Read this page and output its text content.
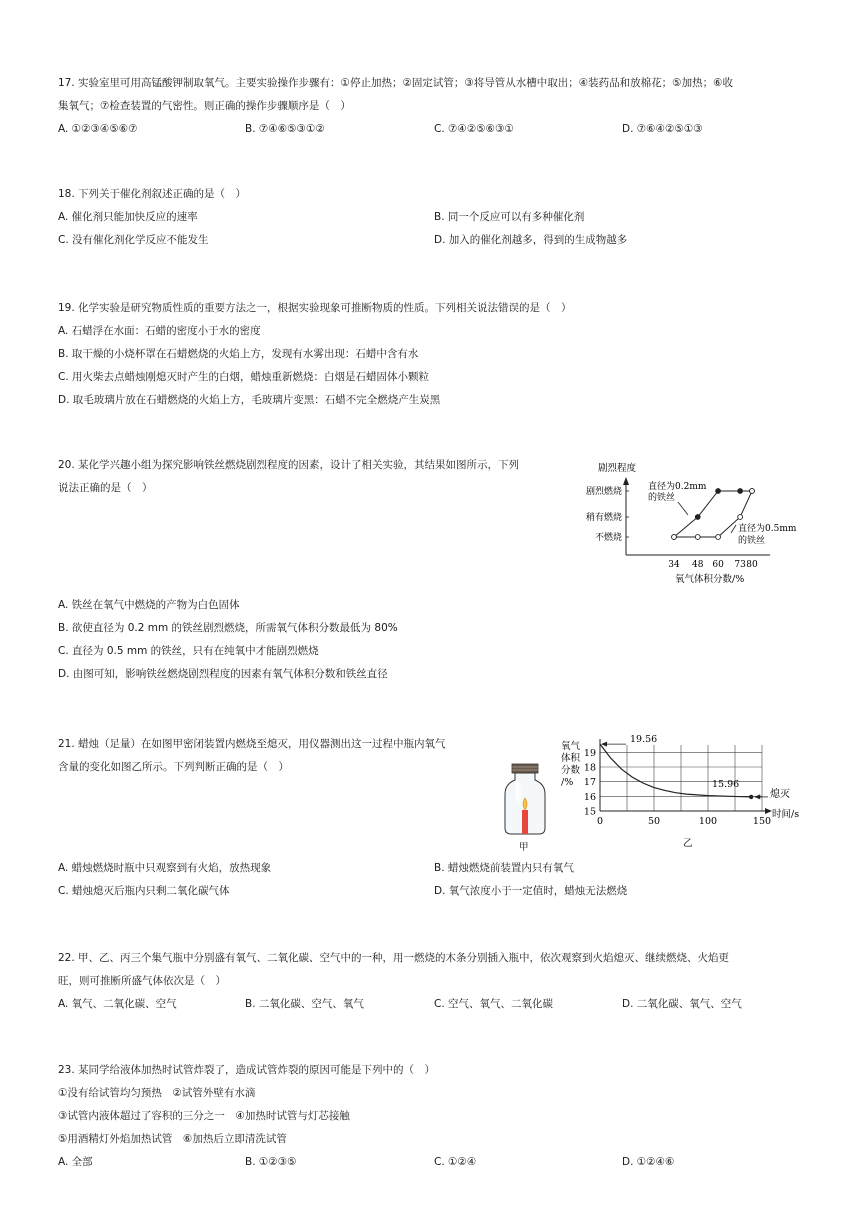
17. 实验室里可用高锰酸钾制取氧气。主要实验操作步骤有：①停止加热；②固定试管；③将导管从水槽中取出；④装药品和放棉花；⑤加热；⑥收
集氧气；⑦检查装置的气密性。则正确的操作步骤顺序是（　）
A. ①②③④⑤⑥⑦	B. ⑦④⑥⑤③①②	C. ⑦④②⑤⑥③①	D. ⑦⑥④②⑤①③
18. 下列关于催化剂叙述正确的是（　）
A. 催化剂只能加快反应的速率	B. 同一个反应可以有多种催化剂
C. 没有催化剂化学反应不能发生	D. 加入的催化剂越多，得到的生成物越多
19. 化学实验是研究物质性质的重要方法之一，根据实验现象可推断物质的性质。下列相关说法错误的是（　）
A. 石蜡浮在水面：石蜡的密度小于水的密度
B. 取干燥的小烧杯罩在石蜡燃烧的火焰上方，发现有水雾出现：石蜡中含有水
C. 用火柴去点蜡烛刚熄灭时产生的白烟，蜡烛重新燃烧：白烟是石蜡固体小颗粒
D. 取毛玻璃片放在石蜡燃烧的火焰上方，毛玻璃片变黑：石蜡不完全燃烧产生炭黑
20. 某化学兴趣小组为探究影响铁丝燃烧剧烈程度的因素，设计了相关实验，其结果如图所示，下列
说法正确的是（　）
A. 铁丝在氧气中燃烧的产物为白色固体
B. 欲使直径为 0.2 mm 的铁丝剧烈燃烧，所需氧气体积分数最低为 80%
C. 直径为 0.5 mm 的铁丝，只有在纯氧中才能剧烈燃烧
D. 由图可知，影响铁丝燃烧剧烈程度的因素有氧气体积分数和铁丝直径
剧烈程度
不燃烧
稍有燃烧
剧烈燃烧
34 48 60 73 80
直径为0.2mm
的铁丝
直径为0.5mm
的铁丝
氧气体积分数/%
21. 蜡烛（足量）在如图甲密闭装置内燃烧至熄灭，用仪器测出这一过程中瓶内氧气
含量的变化如图乙所示。下列判断正确的是（　）
甲
氧气
体积
分数
/%
15
16
17
18
19
0	50	100	150
19.56
15.96
熄灭
时间/s
乙
A. 蜡烛燃烧时瓶中只观察到有火焰，放热现象	B. 蜡烛燃烧前装置内只有氧气
C. 蜡烛熄灭后瓶内只剩二氧化碳气体	D. 氧气浓度小于一定值时，蜡烛无法燃烧
22. 甲、乙、丙三个集气瓶中分别盛有氧气、二氧化碳、空气中的一种，用一燃烧的木条分别插入瓶中，依次观察到火焰熄灭、继续燃烧、火焰更
旺，则可推断所盛气体依次是（　）
A. 氧气、二氧化碳、空气	B. 二氧化碳、空气、氧气	C. 空气、氧气、二氧化碳	D. 二氧化碳、氧气、空气
23. 某同学给液体加热时试管炸裂了，造成试管炸裂的原因可能是下列中的（　）
①没有给试管均匀预热　②试管外壁有水滴
③试管内液体超过了容积的三分之一　④加热时试管与灯芯接触
⑤用酒精灯外焰加热试管　⑥加热后立即清洗试管
A. 全部	B. ①②③⑤	C. ①②④	D. ①②④⑥
